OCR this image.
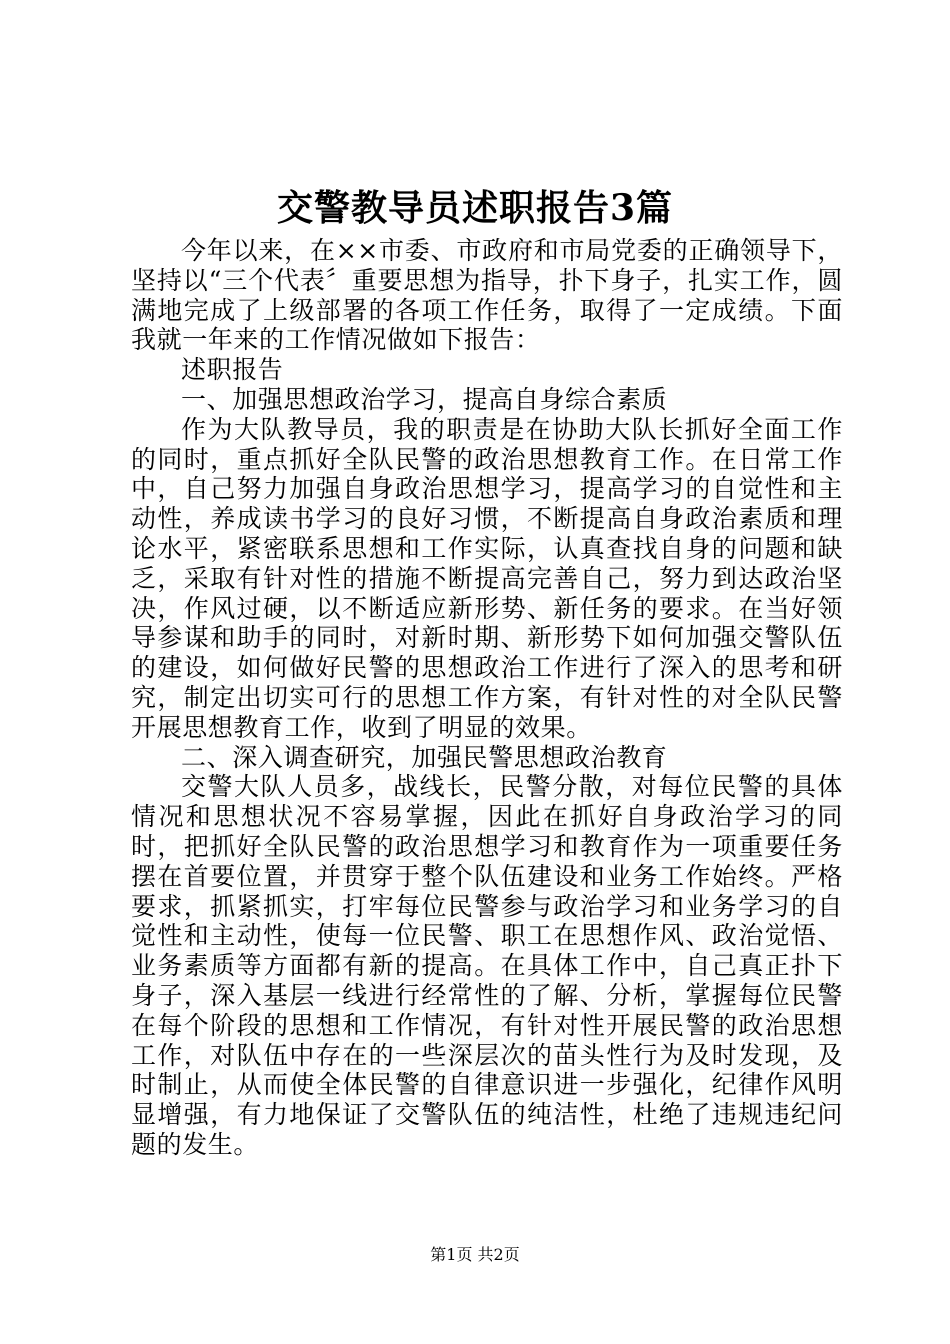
交警教导员述职报告3篇

今年以来，在××市委、市政府和市局党委的正确领导下，坚持以“三个代表〞重要思想为指导，扑下身子，扎实工作，圆满地完成了上级部署的各项工作任务，取得了一定成绩。下面我就一年来的工作情况做如下报告：

述职报告

一、加强思想政治学习，提高自身综合素质

作为大队教导员，我的职责是在协助大队长抓好全面工作的同时，重点抓好全队民警的政治思想教育工作。在日常工作中，自己努力加强自身政治思想学习，提高学习的自觉性和主动性，养成读书学习的良好习惯，不断提高自身政治素质和理论水平，紧密联系思想和工作实际，认真查找自身的问题和缺乏，采取有针对性的措施不断提高完善自己，努力到达政治坚决，作风过硬，以不断适应新形势、新任务的要求。在当好领导参谋和助手的同时，对新时期、新形势下如何加强交警队伍的建设，如何做好民警的思想政治工作进行了深入的思考和研究，制定出切实可行的思想工作方案，有针对性的对全队民警开展思想教育工作，收到了明显的效果。

二、深入调查研究，加强民警思想政治教育

交警大队人员多，战线长，民警分散，对每位民警的具体情况和思想状况不容易掌握，因此在抓好自身政治学习的同时，把抓好全队民警的政治思想学习和教育作为一项重要任务摆在首要位置，并贯穿于整个队伍建设和业务工作始终。严格要求，抓紧抓实，打牢每位民警参与政治学习和业务学习的自觉性和主动性，使每一位民警、职工在思想作风、政治觉悟、业务素质等方面都有新的提高。在具体工作中，自己真正扑下身子，深入基层一线进行经常性的了解、分析，掌握每位民警在每个阶段的思想和工作情况，有针对性开展民警的政治思想工作，对队伍中存在的一些深层次的苗头性行为及时发现，及时制止，从而使全体民警的自律意识进一步强化，纪律作风明显增强，有力地保证了交警队伍的纯洁性，杜绝了违规违纪问题的发生。

第1页 共2页
